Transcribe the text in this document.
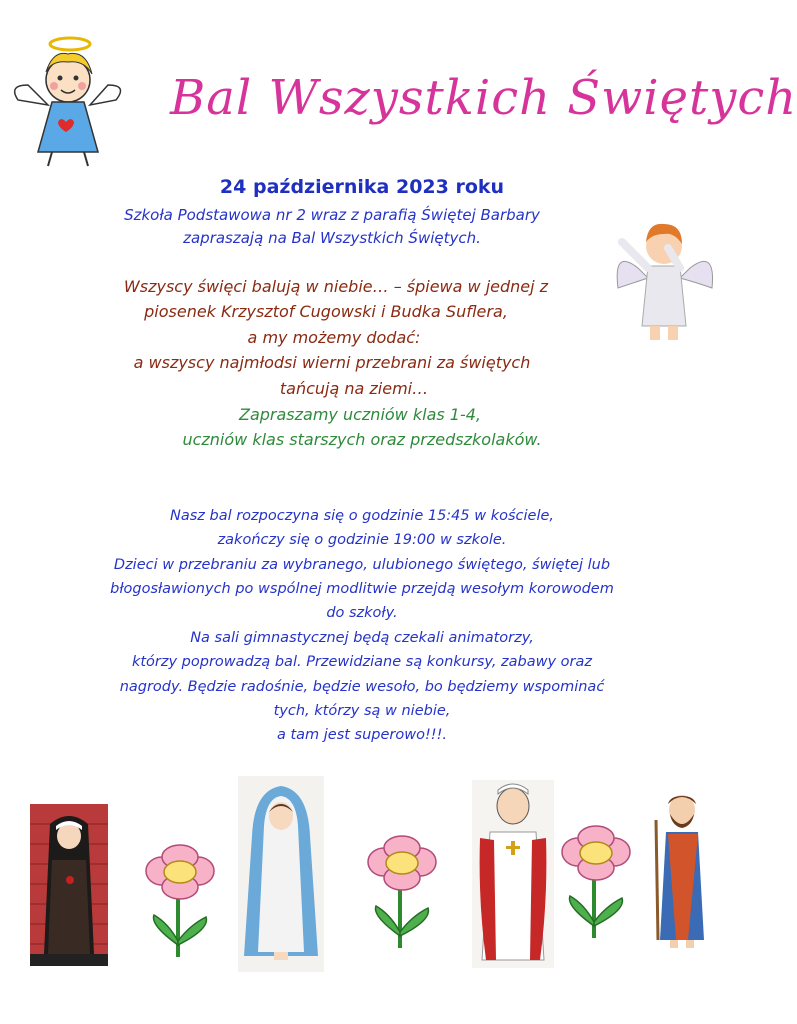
Bal Wszystkich Świętych
24 października 2023 roku
Szkoła Podstawowa nr 2 wraz z parafią Świętej Barbary
zapraszają na Bal Wszystkich Świętych.
Wszyscy święci balują w niebie… – śpiewa w jednej z
piosenek Krzysztof Cugowski i Budka Suflera,
a my możemy dodać:
a wszyscy najmłodsi wierni przebrani za świętych
tańcują na ziemi…
Zapraszamy uczniów klas 1-4,
uczniów klas starszych oraz przedszkolaków.
Nasz bal rozpoczyna się o godzinie 15:45 w kościele,
zakończy się o godzinie 19:00 w szkole.
Dzieci w przebraniu za wybranego, ulubionego świętego, świętej lub
błogosławionych po wspólnej modlitwie przejdą wesołym korowodem
do szkoły.
Na sali gimnastycznej będą czekali animatorzy,
którzy poprowadzą bal. Przewidziane są konkursy, zabawy oraz
nagrody. Będzie radośnie, będzie wesoło, bo będziemy wspominać
tych, którzy są w niebie,
a tam jest superowo!!!.
